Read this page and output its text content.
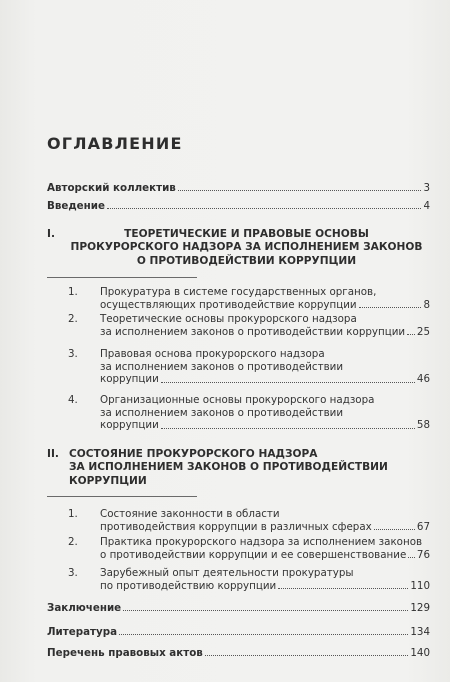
ОГЛАВЛЕНИЕ
Авторский коллектив	3
Введение	4
I.	ТЕОРЕТИЧЕСКИЕ И ПРАВОВЫЕ ОСНОВЫ
ПРОКУРОРСКОГО НАДЗОРА ЗА ИСПОЛНЕНИЕМ ЗАКОНОВ
О ПРОТИВОДЕЙСТВИИ КОРРУПЦИИ
1.	Прокуратура в системе государственных органов,
осуществляющих противодействие коррупции	8
2.	Теоретические основы прокурорского надзора
за исполнением законов о противодействии коррупции 25
3.	Правовая основа прокурорского надзора
за исполнением законов о противодействии
коррупции	46
4.	Организационные основы прокурорского надзора
за исполнением законов о противодействии
коррупции	58
II. СОСТОЯНИЕ ПРОКУРОРСКОГО НАДЗОРА
ЗА ИСПОЛНЕНИЕМ ЗАКОНОВ О ПРОТИВОДЕЙСТВИИ
КОРРУПЦИИ
1.	Состояние законности в области
противодействия коррупции в различных сферах	67
2.	Практика прокурорского надзора за исполнением законов
о противодействии коррупции и ее совершенствование 76
3.	Зарубежный опыт деятельности прокуратуры
по противодействию коррупции	110
Заключение	129
Литература	134
Перечень правовых актов	140
